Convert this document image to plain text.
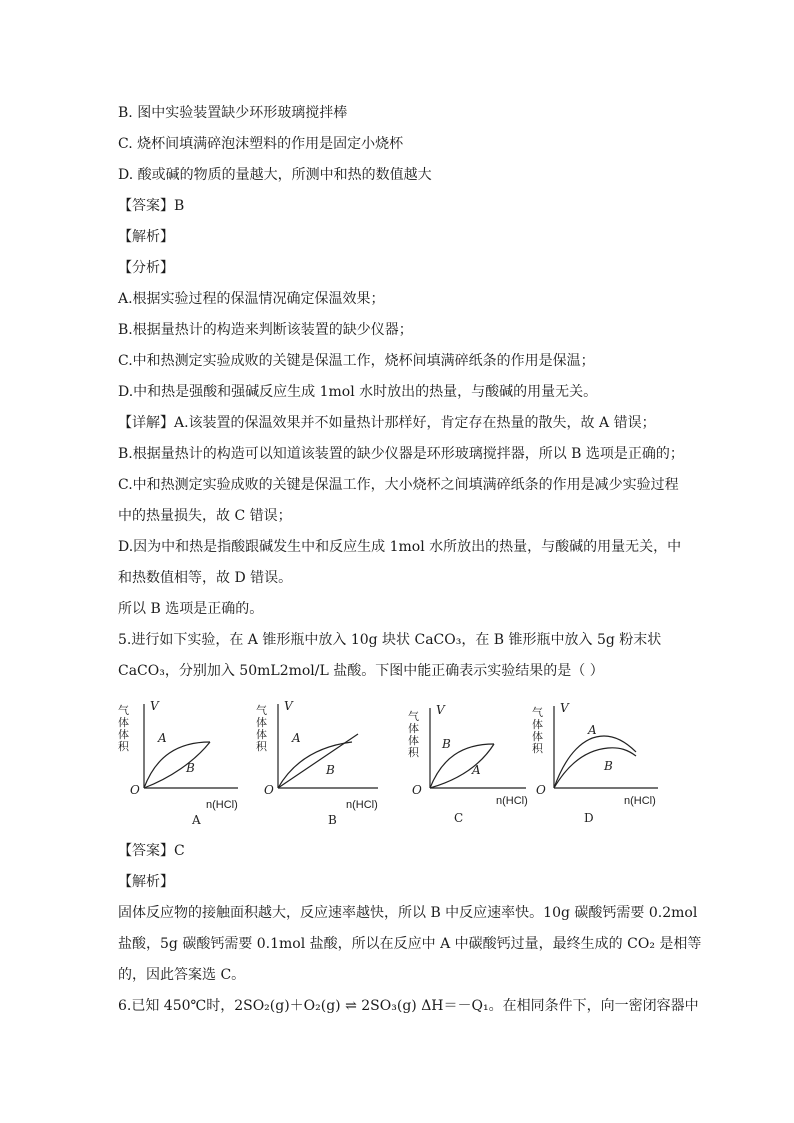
B. 图中实验装置缺少环形玻璃搅拌棒
C. 烧杯间填满碎泡沫塑料的作用是固定小烧杯
D. 酸或碱的物质的量越大，所测中和热的数值越大
【答案】B
【解析】
【分析】
A.根据实验过程的保温情况确定保温效果；
B.根据量热计的构造来判断该装置的缺少仪器；
C.中和热测定实验成败的关键是保温工作，烧杯间填满碎纸条的作用是保温；
D.中和热是强酸和强碱反应生成 1mol 水时放出的热量，与酸碱的用量无关。
【详解】A.该装置的保温效果并不如量热计那样好，肯定存在热量的散失，故 A 错误；
B.根据量热计的构造可以知道该装置的缺少仪器是环形玻璃搅拌器，所以 B 选项是正确的；
C.中和热测定实验成败的关键是保温工作，大小烧杯之间填满碎纸条的作用是减少实验过程
中的热量损失，故 C 错误；
D.因为中和热是指酸跟碱发生中和反应生成 1mol 水所放出的热量，与酸碱的用量无关，中
和热数值相等，故 D 错误。
所以 B 选项是正确的。
5.进行如下实验，在 A 锥形瓶中放入 10g 块状 CaCO₃，在 B 锥形瓶中放入 5g 粉末状
CaCO₃，分别加入 50mL2mol/L 盐酸。下图中能正确表示实验结果的是（ ）
气
体
体
积
V
O
n(HCl)
A
B
A
气
体
体
积
V
O
n(HCl)
A
B
B
气
体
体
积
V
O
n(HCl)
B
A
C
气
体
体
积
V
O
n(HCl)
A
B
D
【答案】C
【解析】
固体反应物的接触面积越大，反应速率越快，所以 B 中反应速率快。10g 碳酸钙需要 0.2mol
盐酸，5g 碳酸钙需要 0.1mol 盐酸，所以在反应中 A 中碳酸钙过量，最终生成的 CO₂ 是相等
的，因此答案选 C。
6.已知 450℃时，2SO₂(g)＋O₂(g) ⇌ 2SO₃(g) ΔH＝－Q₁。在相同条件下，向一密闭容器中
